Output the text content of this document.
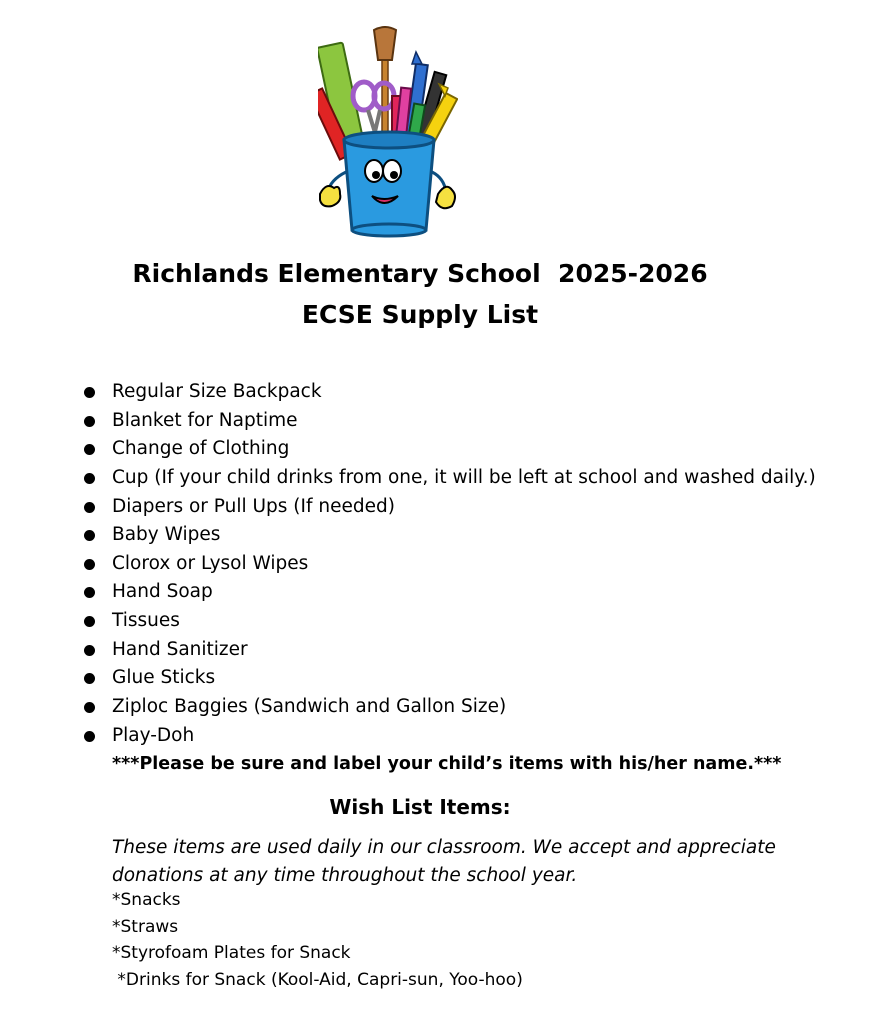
Richlands Elementary School  2025-2026
ECSE Supply List
Regular Size Backpack
Blanket for Naptime
Change of Clothing
Cup (If your child drinks from one, it will be left at school and washed daily.)
Diapers or Pull Ups (If needed)
Baby Wipes
Clorox or Lysol Wipes
Hand Soap
Tissues
Hand Sanitizer
Glue Sticks
Ziploc Baggies (Sandwich and Gallon Size)
Play-Doh
***Please be sure and label your child’s items with his/her name.***
Wish List Items:
These items are used daily in our classroom. We accept and appreciate
donations at any time throughout the school year.
*Snacks
*Straws
*Styrofoam Plates for Snack
*Drinks for Snack (Kool-Aid, Capri-sun, Yoo-hoo)
